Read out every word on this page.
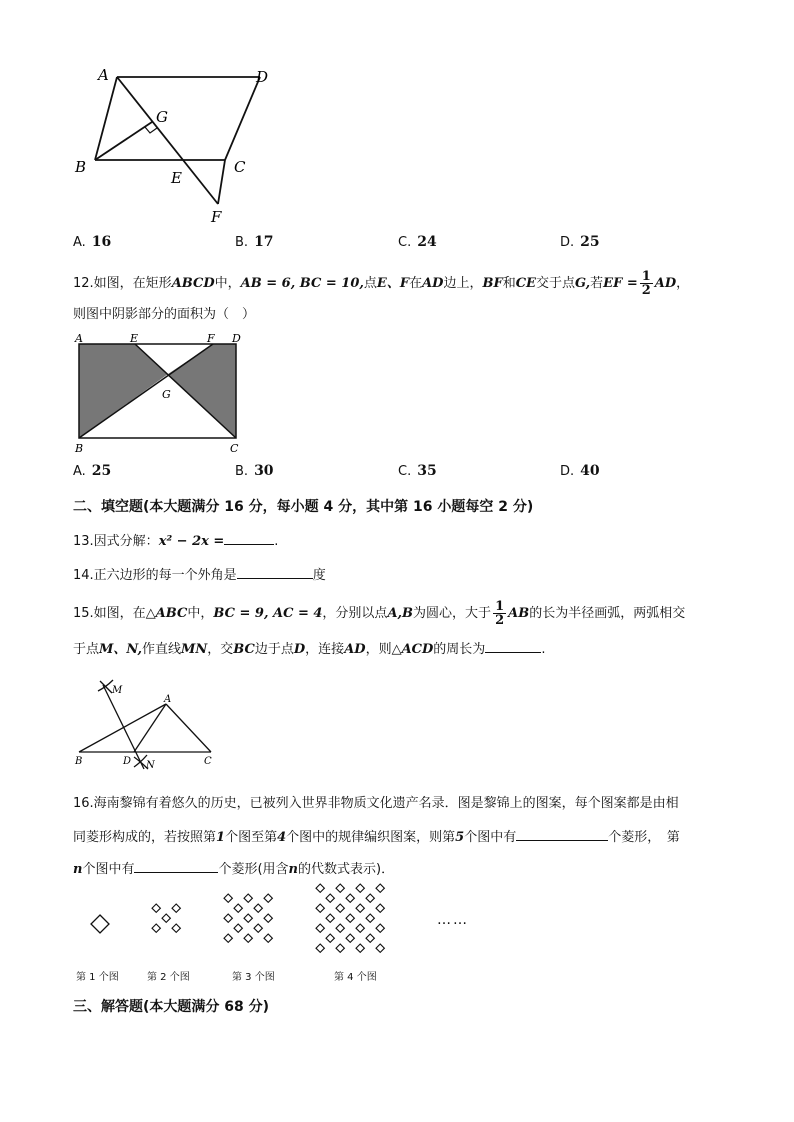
A	D
G
B	C
E
F
A. 16	B. 17	C. 24	D. 25
12.如图，在矩形ABCD中，AB = 6, BC = 10,点E、F在AD边上，BF和CE交于点G,若EF = $\frac{1}{2}$ AD，
则图中阴影部分的面积为（　）
A	E	F D
G
B	C
A. 25	B. 30	C. 35	D. 40
二、填空题(本大题满分 16 分，每小题 4 分，其中第 16 小题每空 2 分)
13.因式分解：x² − 2x =	.
14.正六边形的每一个外角是	度
15.如图，在△ABC中，BC = 9, AC = 4，分别以点A,B为圆心，大于 $\frac{1}{2}$ AB的长为半径画弧，两弧相交
于点M、N,作直线MN，交BC边于点D，连接AD，则△ACD的周长为	.
M
A
B	D N	C
16.海南黎锦有着悠久的历史，已被列入世界非物质文化遗产名录．图是黎锦上的图案，每个图案都是由相
同菱形构成的，若按照第1个图至第4个图中的规律编织图案，则第5个图中有	个菱形，　第
n个图中有	个菱形(用含n的代数式表示)．
……
第 1 个图	第 2 个图	第 3 个图	第 4 个图
三、解答题(本大题满分 68 分)
